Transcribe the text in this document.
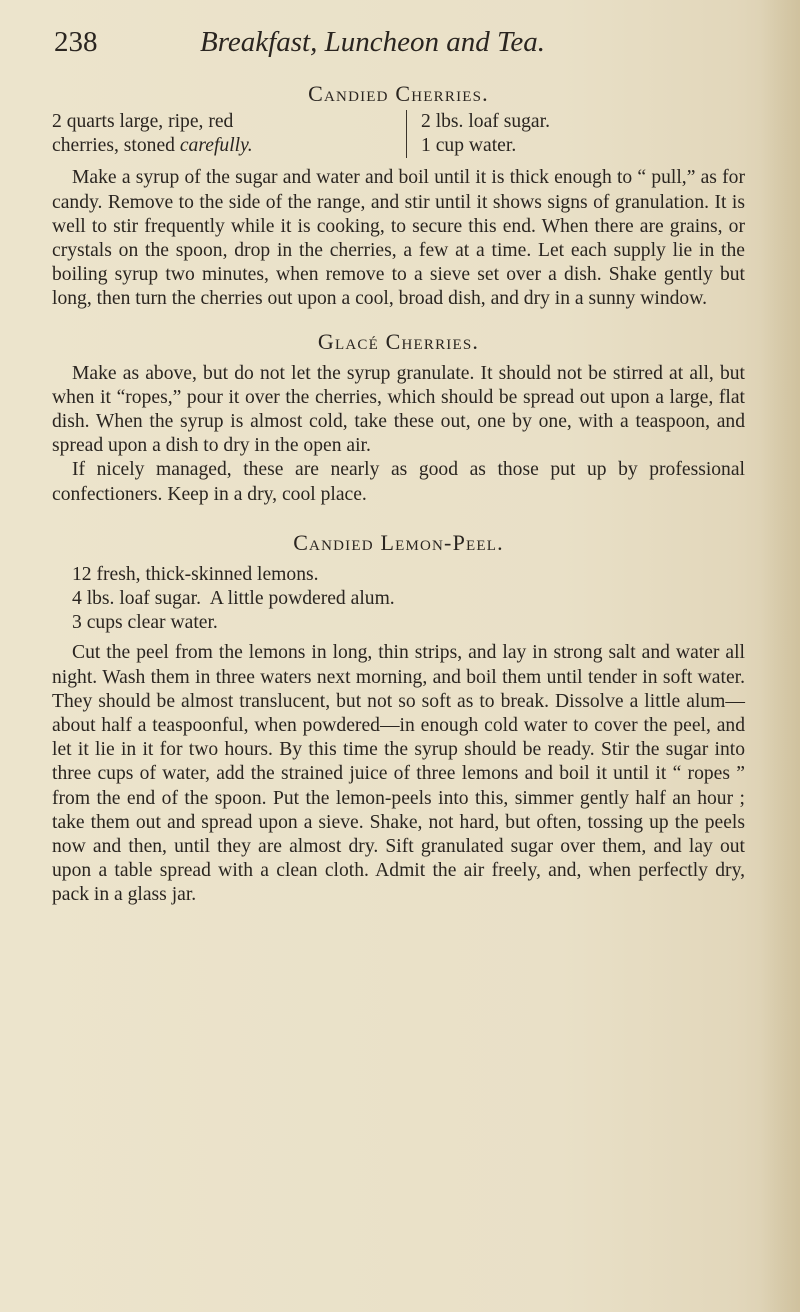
238	Breakfast, Luncheon and Tea.
Candied Cherries.
2 quarts large, ripe, red
cherries, stoned carefully.
2 lbs. loaf sugar.
1 cup water.

Make a syrup of the sugar and water and boil until it is thick enough to “ pull,” as for candy. Remove to the side of the range, and stir until it shows signs of granulation. It is well to stir frequently while it is cooking, to secure this end. When there are grains, or crystals on the spoon, drop in the cherries, a few at a time. Let each supply lie in the boiling syrup two minutes, when remove to a sieve set over a dish. Shake gently but long, then turn the cherries out upon a cool, broad dish, and dry in a sunny window.

Glacé Cherries.

Make as above, but do not let the syrup granulate. It should not be stirred at all, but when it “ropes,” pour it over the cherries, which should be spread out upon a large, flat dish. When the syrup is almost cold, take these out, one by one, with a teaspoon, and spread upon a dish to dry in the open air.

If nicely managed, these are nearly as good as those put up by professional confectioners. Keep in a dry, cool place.

Candied Lemon-Peel.
12 fresh, thick-skinned lemons.
4 lbs. loaf sugar.  A little powdered alum.
3 cups clear water.

Cut the peel from the lemons in long, thin strips, and lay in strong salt and water all night. Wash them in three waters next morning, and boil them until tender in soft water. They should be almost translucent, but not so soft as to break. Dissolve a little alum—about half a teaspoonful, when powdered—in enough cold water to cover the peel, and let it lie in it for two hours. By this time the syrup should be ready. Stir the sugar into three cups of water, add the strained juice of three lemons and boil it until it “ ropes ” from the end of the spoon. Put the lemon-peels into this, simmer gently half an hour ; take them out and spread upon a sieve. Shake, not hard, but often, tossing up the peels now and then, until they are almost dry. Sift granulated sugar over them, and lay out upon a table spread with a clean cloth. Admit the air freely, and, when perfectly dry, pack in a glass jar.
